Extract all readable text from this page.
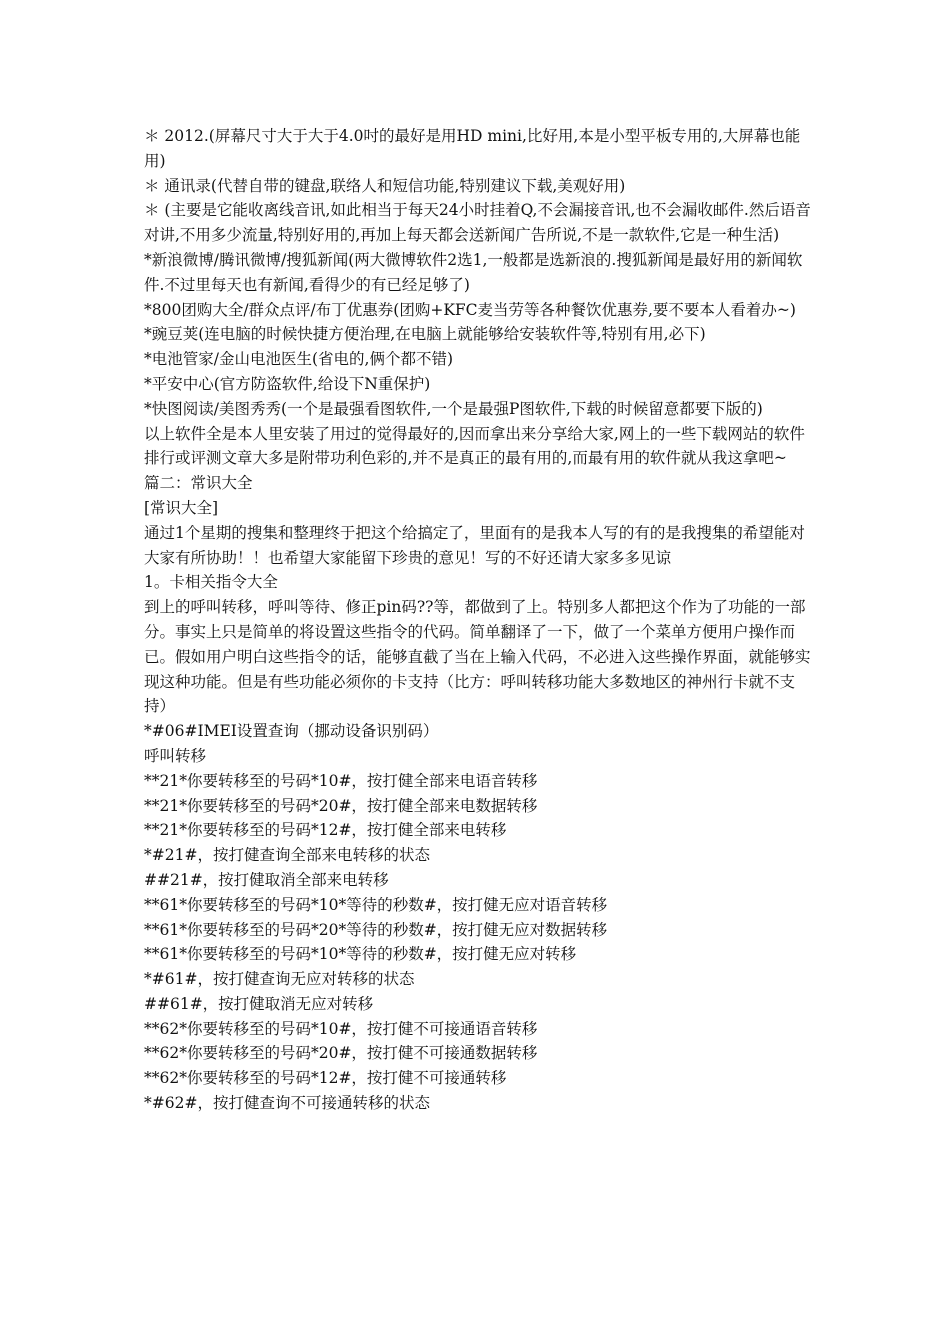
＊ 2012.(屏幕尺寸大于大于4.0吋的最好是用HD mini,比好用,本是小型平板专用的,大屏幕也能用)

＊ 通讯录(代替自带的键盘,联络人和短信功能,特别建议下载,美观好用)

＊ (主要是它能收离线音讯,如此相当于每天24小时挂着Q,不会漏接音讯,也不会漏收邮件.然后语音对讲,不用多少流量,特别好用的,再加上每天都会送新闻广告所说,不是一款软件,它是一种生活)

*新浪微博/腾讯微博/搜狐新闻(两大微博软件2选1,一般都是选新浪的.搜狐新闻是最好用的新闻软件.不过里每天也有新闻,看得少的有已经足够了)

*800团购大全/群众点评/布丁优惠券(团购+KFC麦当劳等各种餐饮优惠券,要不要本人看着办~)

*豌豆荚(连电脑的时候快捷方便治理,在电脑上就能够给安装软件等,特别有用,必下)

*电池管家/金山电池医生(省电的,俩个都不错)

*平安中心(官方防盗软件,给设下N重保护)

*快图阅读/美图秀秀(一个是最强看图软件,一个是最强P图软件,下载的时候留意都要下版的)

以上软件全是本人里安装了用过的觉得最好的,因而拿出来分享给大家,网上的一些下载网站的软件排行或评测文章大多是附带功利色彩的,并不是真正的最有用的,而最有用的软件就从我这拿吧~

篇二：常识大全

[常识大全]

通过1个星期的搜集和整理终于把这个给搞定了，里面有的是我本人写的有的是我搜集的希望能对大家有所协助！！也希望大家能留下珍贵的意见！写的不好还请大家多多见谅

1。卡相关指令大全

到上的呼叫转移，呼叫等待、修正pin码??等，都做到了上。特别多人都把这个作为了功能的一部分。事实上只是简单的将设置这些指令的代码。简单翻译了一下，做了一个菜单方便用户操作而已。假如用户明白这些指令的话，能够直截了当在上输入代码，不必进入这些操作界面，就能够实现这种功能。但是有些功能必须你的卡支持（比方：呼叫转移功能大多数地区的神州行卡就不支持）

*#06#IMEI设置查询（挪动设备识别码）

呼叫转移

**21*你要转移至的号码*10#，按打健全部来电语音转移

**21*你要转移至的号码*20#，按打健全部来电数据转移

**21*你要转移至的号码*12#，按打健全部来电转移

*#21#，按打健查询全部来电转移的状态

##21#，按打健取消全部来电转移

**61*你要转移至的号码*10*等待的秒数#，按打健无应对语音转移

**61*你要转移至的号码*20*等待的秒数#，按打健无应对数据转移

**61*你要转移至的号码*10*等待的秒数#，按打健无应对转移

*#61#，按打健查询无应对转移的状态

##61#，按打健取消无应对转移

**62*你要转移至的号码*10#，按打健不可接通语音转移

**62*你要转移至的号码*20#，按打健不可接通数据转移

**62*你要转移至的号码*12#，按打健不可接通转移

*#62#，按打健查询不可接通转移的状态
